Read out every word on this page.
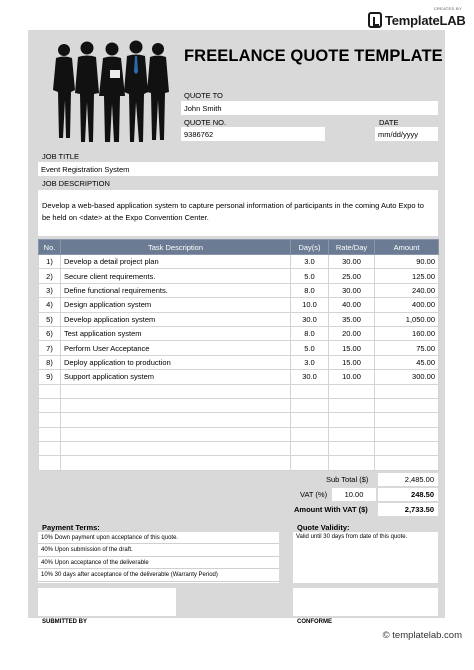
CREATED BY
TemplateLAB
FREELANCE QUOTE TEMPLATE
QUOTE TO
John Smith
QUOTE NO.
9386762
DATE
mm/dd/yyyy
JOB TITLE
Event Registration System
JOB DESCRIPTION
Develop a web-based application system to capture personal information of participants in the coming Auto Expo to be held on <date> at the Expo Convention Center.
No.	Task Description	Day(s)	Rate/Day	Amount
1)	Develop a detail project plan	3.0	30.00	90.00
2)	Secure client requirements.	5.0	25.00	125.00
3)	Define functional requirements.	8.0	30.00	240.00
4)	Design application system	10.0	40.00	400.00
5)	Develop application system	30.0	35.00	1,050.00
6)	Test application system	8.0	20.00	160.00
7)	Perform User Acceptance	5.0	15.00	75.00
8)	Deploy application to production	3.0	15.00	45.00
9)	Support application system	30.0	10.00	300.00

Sub Total ($)	2,485.00
VAT (%)	10.00	248.50
Amount With VAT ($)	2,733.50
Payment Terms:
10% Down payment upon acceptance of this quote.
40% Upon submission of the draft.
40% Upon acceptance of the deliverable
10% 30 days after acceptance of the deliverable (Warranty Period)
Quote Validity:
Valid until 30 days from date of this quote.
SUBMITTED BY	CONFORME
© templatelab.com
